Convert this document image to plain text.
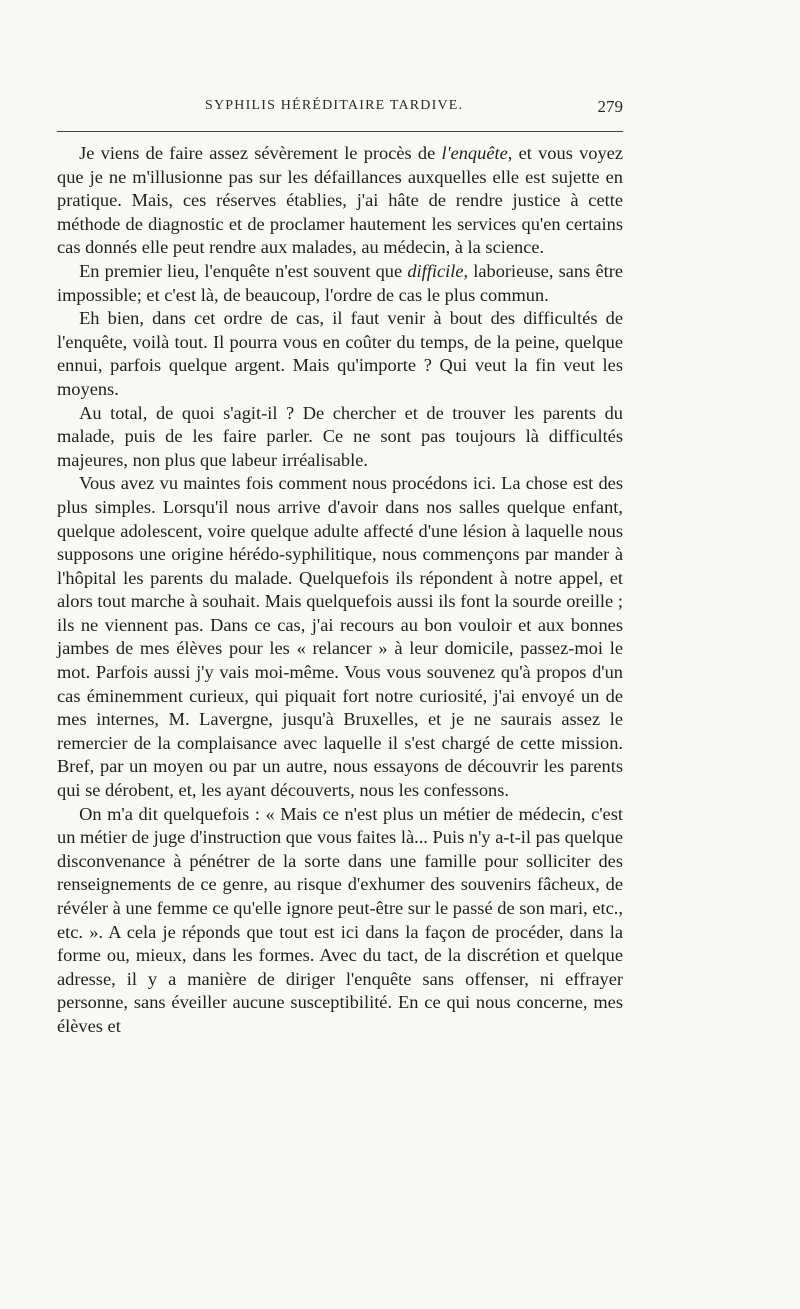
SYPHILIS HÉRÉDITAIRE TARDIVE.	279

Je viens de faire assez sévèrement le procès de l'enquête, et vous voyez que je ne m'illusionne pas sur les défaillances auxquelles elle est sujette en pratique. Mais, ces réserves établies, j'ai hâte de rendre justice à cette méthode de diagnostic et de proclamer hautement les services qu'en certains cas donnés elle peut rendre aux malades, au médecin, à la science.

En premier lieu, l'enquête n'est souvent que difficile, laborieuse, sans être impossible; et c'est là, de beaucoup, l'ordre de cas le plus commun.

Eh bien, dans cet ordre de cas, il faut venir à bout des difficultés de l'enquête, voilà tout. Il pourra vous en coûter du temps, de la peine, quelque ennui, parfois quelque argent. Mais qu'importe ? Qui veut la fin veut les moyens.

Au total, de quoi s'agit-il ? De chercher et de trouver les parents du malade, puis de les faire parler. Ce ne sont pas toujours là difficultés majeures, non plus que labeur irréalisable.

Vous avez vu maintes fois comment nous procédons ici. La chose est des plus simples. Lorsqu'il nous arrive d'avoir dans nos salles quelque enfant, quelque adolescent, voire quelque adulte affecté d'une lésion à laquelle nous supposons une origine hérédo-syphilitique, nous commençons par mander à l'hôpital les parents du malade. Quelquefois ils répondent à notre appel, et alors tout marche à souhait. Mais quelquefois aussi ils font la sourde oreille ; ils ne viennent pas. Dans ce cas, j'ai recours au bon vouloir et aux bonnes jambes de mes élèves pour les « relancer » à leur domicile, passez-moi le mot. Parfois aussi j'y vais moi-même. Vous vous souvenez qu'à propos d'un cas éminemment curieux, qui piquait fort notre curiosité, j'ai envoyé un de mes internes, M. Lavergne, jusqu'à Bruxelles, et je ne saurais assez le remercier de la complaisance avec laquelle il s'est chargé de cette mission. Bref, par un moyen ou par un autre, nous essayons de découvrir les parents qui se dérobent, et, les ayant découverts, nous les confessons.

On m'a dit quelquefois : « Mais ce n'est plus un métier de médecin, c'est un métier de juge d'instruction que vous faites là... Puis n'y a-t-il pas quelque disconvenance à pénétrer de la sorte dans une famille pour solliciter des renseignements de ce genre, au risque d'exhumer des souvenirs fâcheux, de révéler à une femme ce qu'elle ignore peut-être sur le passé de son mari, etc., etc. ». A cela je réponds que tout est ici dans la façon de procéder, dans la forme ou, mieux, dans les formes. Avec du tact, de la discrétion et quelque adresse, il y a manière de diriger l'enquête sans offenser, ni effrayer personne, sans éveiller aucune susceptibilité. En ce qui nous concerne, mes élèves et
